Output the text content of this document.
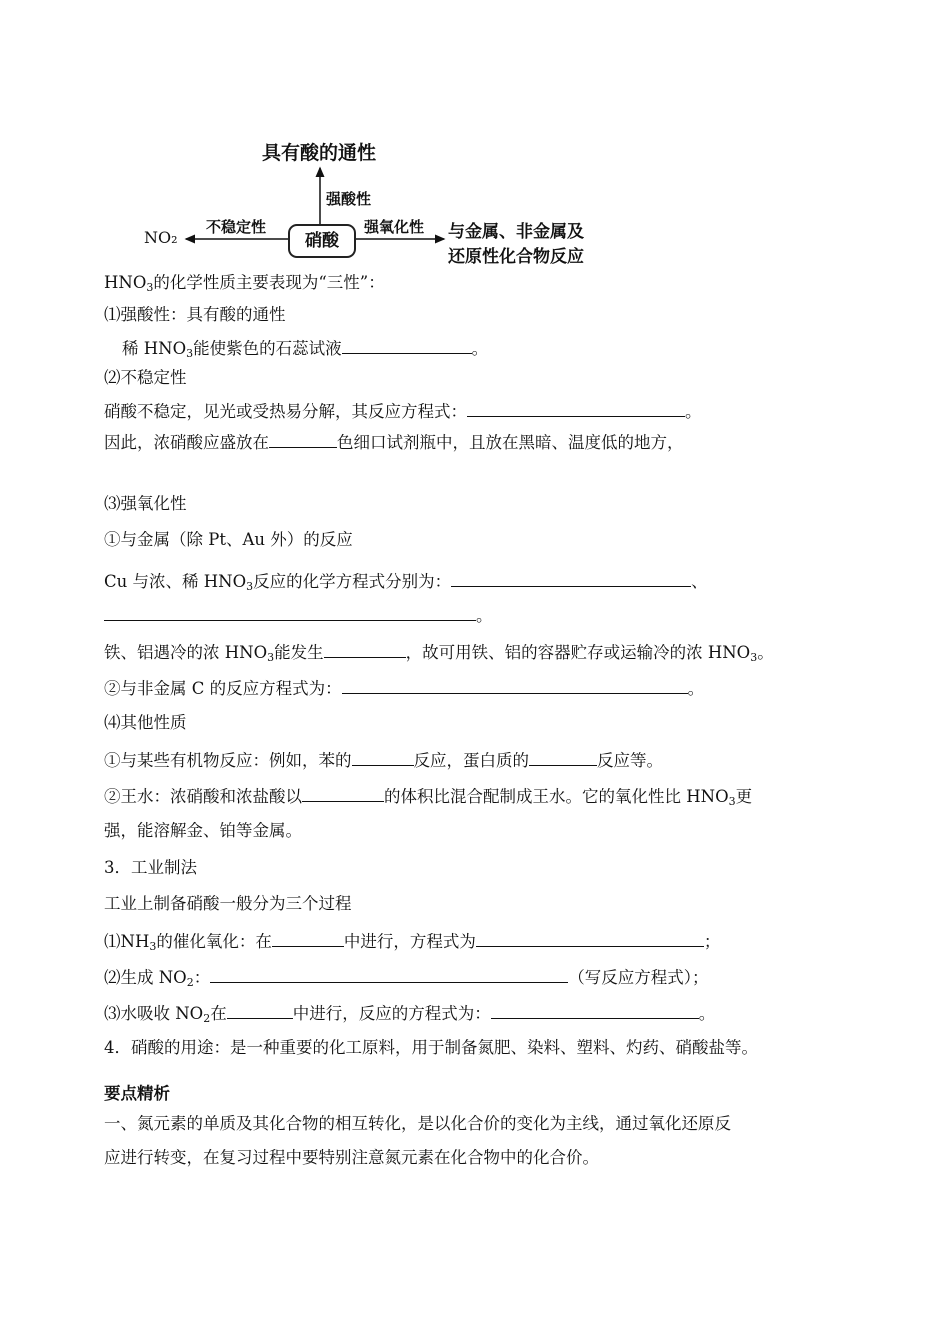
具有酸的通性
强酸性
不稳定性	强氧化性
硝酸
NO₂	与金属、非金属及
还原性化合物反应
$HNO_3$的化学性质主要表现为“三性”：
⑴强酸性：具有酸的通性
稀 $HNO_3$能使紫色的石蕊试液	。
⑵不稳定性
硝酸不稳定，见光或受热易分解，其反应方程式：	。
因此，浓硝酸应盛放在	色细口试剂瓶中，且放在黑暗、温度低的地方，
⑶强氧化性
①与金属（除 Pt、Au 外）的反应
Cu 与浓、稀 $HNO_3$反应的化学方程式分别为：	、
。
铁、铝遇冷的浓 $HNO_3$能发生	，故可用铁、铝的容器贮存或运输冷的浓 $HNO_3$。
②与非金属 C 的反应方程式为：	。
⑷其他性质
①与某些有机物反应：例如，苯的	反应，蛋白质的	反应等。
②王水：浓硝酸和浓盐酸以	的体积比混合配制成王水。它的氧化性比 $HNO_3$更
强，能溶解金、铂等金属。
3．工业制法
工业上制备硝酸一般分为三个过程
$⑴NH_3$的催化氧化：在	中进行，方程式为	；
⑵生成 $NO_2$：	（写反应方程式）；
⑶水吸收 $NO_2$在	中进行，反应的方程式为：	。
4．硝酸的用途：是一种重要的化工原料，用于制备氮肥、染料、塑料、灼药、硝酸盐等。
要点精析
一、氮元素的单质及其化合物的相互转化，是以化合价的变化为主线，通过氧化还原反
应进行转变，在复习过程中要特别注意氮元素在化合物中的化合价。
